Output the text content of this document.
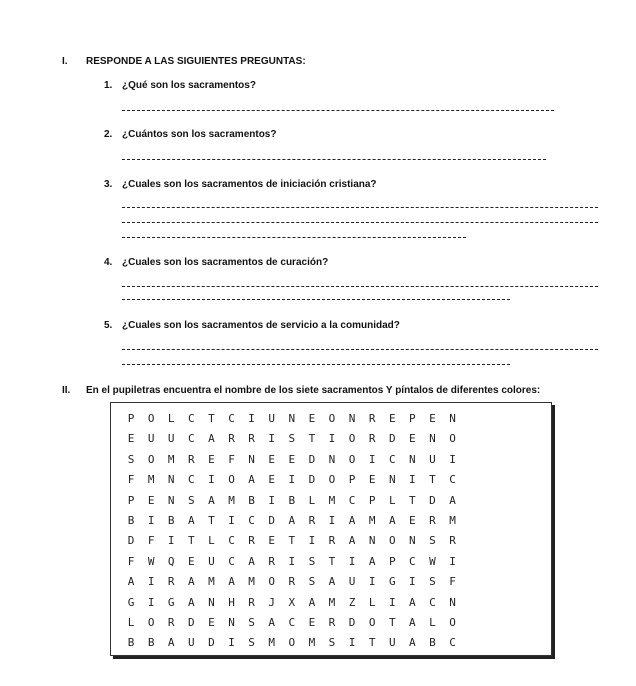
I. RESPONDE A LAS SIGUIENTES PREGUNTAS:
1. ¿Qué son los sacramentos?
2. ¿Cuántos son los sacramentos?
3. ¿Cuales son los sacramentos de iniciación cristiana?
4. ¿Cuales son los sacramentos de curación?
5. ¿Cuales son los sacramentos de servicio a la comunidad?
II. En el pupiletras encuentra el nombre de los siete sacramentos Y píntalos de diferentes colores:
P	O	L	C	T	C	I	U	N	E	O	N	R	E	P	E	N
E	U	U	C	A	R	R	I	S	T	I	O	R	D	E	N	O
S	O	M	R	E	F	N	E	E	D	N	O	I	C	N	U	I
F	M	N	C	I	O	A	E	I	D	O	P	E	N	I	T	C
P	E	N	S	A	M	B	I	B	L	M	C	P	L	T	D	A
B	I	B	A	T	I	C	D	A	R	I	A	M	A	E	R	M
D	F	I	T	L	C	R	E	T	I	R	A	N	O	N	S	R
F	W	Q	E	U	C	A	R	I	S	T	I	A	P	C	W	I
A	I	R	A	M	A	M	O	R	S	A	U	I	G	I	S	F
G	I	G	A	N	H	R	J	X	A	M	Z	L	I	A	C	N
L	O	R	D	E	N	S	A	C	E	R	D	O	T	A	L	O
B	B	A	U	D	I	S	M	O	M	S	I	T	U	A	B	C
